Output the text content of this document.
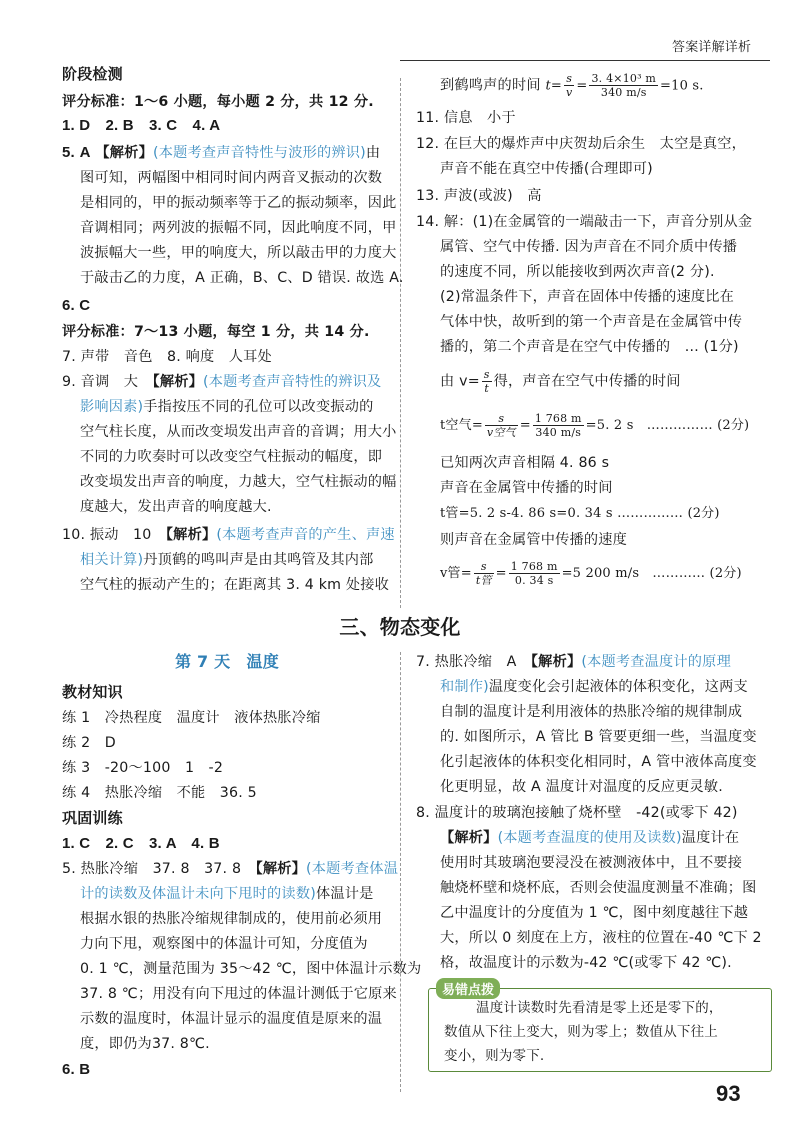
答案详解详析
阶段检测
评分标准：1～6 小题，每小题 2 分，共 12 分.
1. D　2. B　3. C　4. A
5. A 【解析】(本题考查声音特性与波形的辨识)由
图可知，两幅图中相同时间内两音叉振动的次数
是相同的，甲的振动频率等于乙的振动频率，因此
音调相同；两列波的振幅不同，因此响度不同，甲
波振幅大一些，甲的响度大，所以敲击甲的力度大
于敲击乙的力度，A 正确，B、C、D 错误. 故选 A.
6. C
评分标准：7～13 小题，每空 1 分，共 14 分.
7. 声带　音色　8. 响度　人耳处
9. 音调　大　 【解析】(本题考查声音特性的辨识及
影响因素)手指按压不同的孔位可以改变振动的
空气柱长度，从而改变埙发出声音的音调；用大小
不同的力吹奏时可以改变空气柱振动的幅度，即
改变埙发出声音的响度，力越大，空气柱振动的幅
度越大，发出声音的响度越大.
10. 振动　10　 【解析】(本题考查声音的产生、声速
相关计算)丹顶鹤的鸣叫声是由其鸣管及其内部
空气柱的振动产生的；在距离其 3. 4 km 处接收
到鹤鸣声的时间 $t= \frac{s}{v} = \frac{\text{3. 4×10³ m}}{340 m/s} =10$ s.
11. 信息　小于
12. 在巨大的爆炸声中庆贺劫后余生　太空是真空，
声音不能在真空中传播(合理即可)
13. 声波(或波)　高
14. 解：(1)在金属管的一端敲击一下，声音分别从金
属管、空气中传播. 因为声音在不同介质中传播
的速度不同，所以能接收到两次声音(2 分).
(2)常温条件下，声音在固体中传播的速度比在
气体中快，故听到的第一个声音是在金属管中传
播的，第二个声音是在空气中传播的　… (1分)
由 $v= \frac{s}{t}$ 得，声音在空气中传播的时间
t空气= $\frac{s}{\text{v空气}} = \frac{1 768 m}{340 m/s} =5$. 2 s　…………… (2分)
已知两次声音相隔 4. 86 s
声音在金属管中传播的时间
t管=5. 2 s-4. 86 s=0. 34 s …………… (2分)
则声音在金属管中传播的速度
v管= $\frac{s}{\text{t管}} = \frac{1 768 m}{0. 34 s} =5$ 200 m/s　………… (2分)
三、物态变化
第 7 天　温度
教材知识
练 1　冷热程度　温度计　液体热胀冷缩
练 2　D
练 3　-20～100　1　-2
练 4　热胀冷缩　不能　36. 5
巩固训练
1. C　2. C　3. A　4. B
5. 热胀冷缩　37. 8　37. 8　 【解析】(本题考查体温
计的读数及体温计未向下甩时的读数)体温计是
根据水银的热胀冷缩规律制成的，使用前必须用
力向下甩，观察图中的体温计可知，分度值为
0. 1 ℃，测量范围为 35～42 ℃，图中体温计示数为
37. 8 ℃；用没有向下甩过的体温计测低于它原来
示数的温度时，体温计显示的温度值是原来的温
度，即仍为37. 8℃.
6. B
7. 热胀冷缩　A　 【解析】(本题考查温度计的原理
和制作)温度变化会引起液体的体积变化，这两支
自制的温度计是利用液体的热胀冷缩的规律制成
的. 如图所示，A 管比 B 管要更细一些，当温度变
化引起液体的体积变化相同时，A 管中液体高度变
化更明显，故 A 温度计对温度的反应更灵敏.
8. 温度计的玻璃泡接触了烧杯壁　-42(或零下 42)
【解析】(本题考查温度的使用及读数)温度计在
使用时其玻璃泡要浸没在被测液体中，且不要接
触烧杯壁和烧杯底，否则会使温度测量不准确；图
乙中温度计的分度值为 1 ℃，图中刻度越往下越
大，所以 0 刻度在上方，液柱的位置在-40 ℃下 2
格，故温度计的示数为-42 ℃(或零下 42 ℃).
易错点拨
温度计读数时先看清是零上还是零下的，
数值从下往上变大，则为零上；数值从下往上
变小，则为零下.
93
